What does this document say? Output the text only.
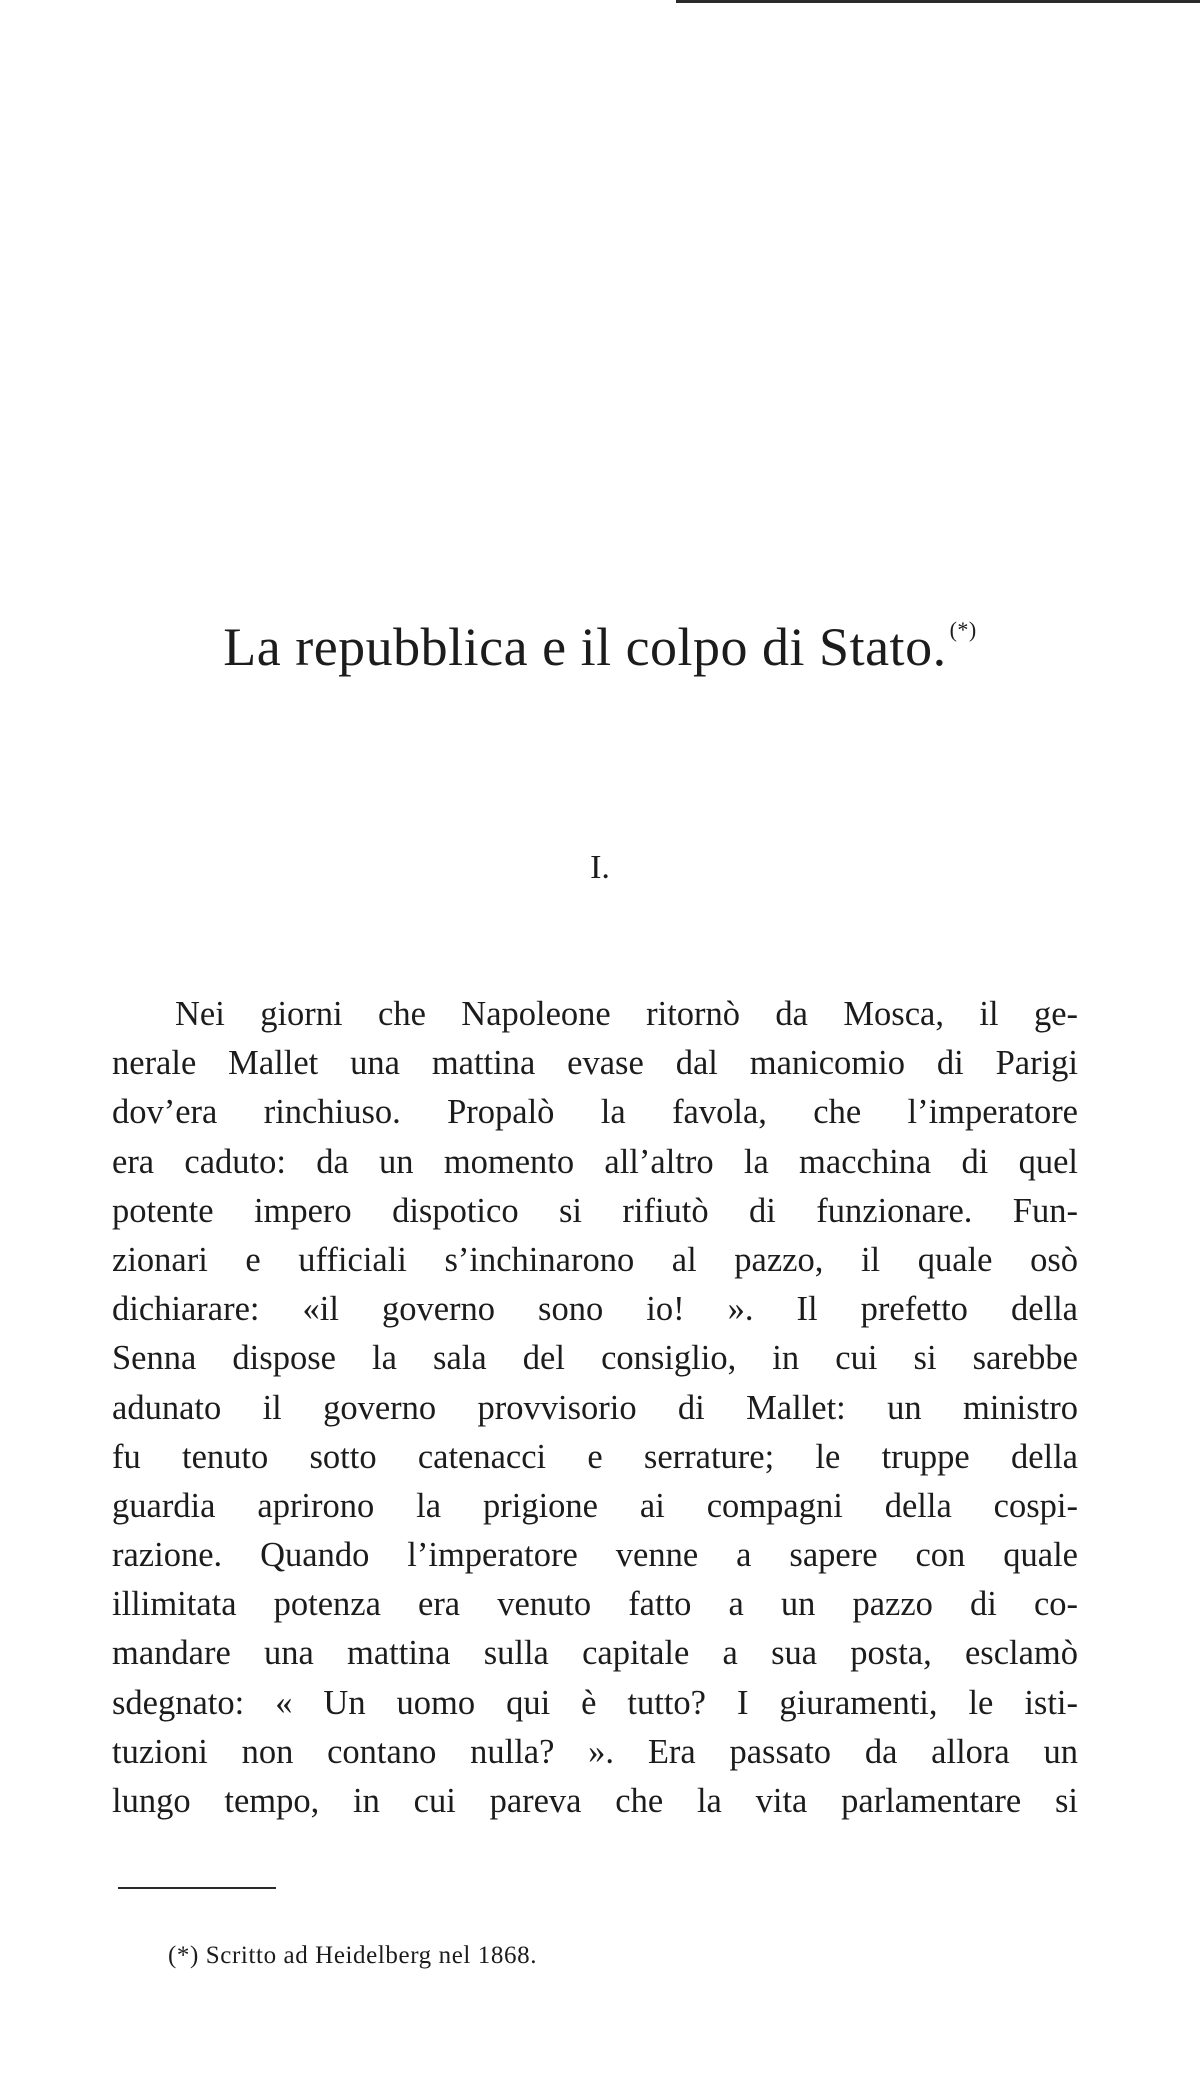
La repubblica e il colpo di Stato. (*)
I.
Nei giorni che Napoleone ritornò da Mosca, il ge-
nerale Mallet una mattina evase dal manicomio di Parigi
dov’era rinchiuso. Propalò la favola, che l’imperatore
era caduto: da un momento all’altro la macchina di quel
potente impero dispotico si rifiutò di funzionare. Fun-
zionari e ufficiali s’inchinarono al pazzo, il quale osò
dichiarare: «il governo sono io! ». Il prefetto della
Senna dispose la sala del consiglio, in cui si sarebbe
adunato il governo provvisorio di Mallet: un ministro
fu tenuto sotto catenacci e serrature; le truppe della
guardia aprirono la prigione ai compagni della cospi-
razione. Quando l’imperatore venne a sapere con quale
illimitata potenza era venuto fatto a un pazzo di co-
mandare una mattina sulla capitale a sua posta, esclamò
sdegnato: « Un uomo qui è tutto? I giuramenti, le isti-
tuzioni non contano nulla? ». Era passato da allora un
lungo tempo, in cui pareva che la vita parlamentare si

(*) Scritto ad Heidelberg nel 1868.
